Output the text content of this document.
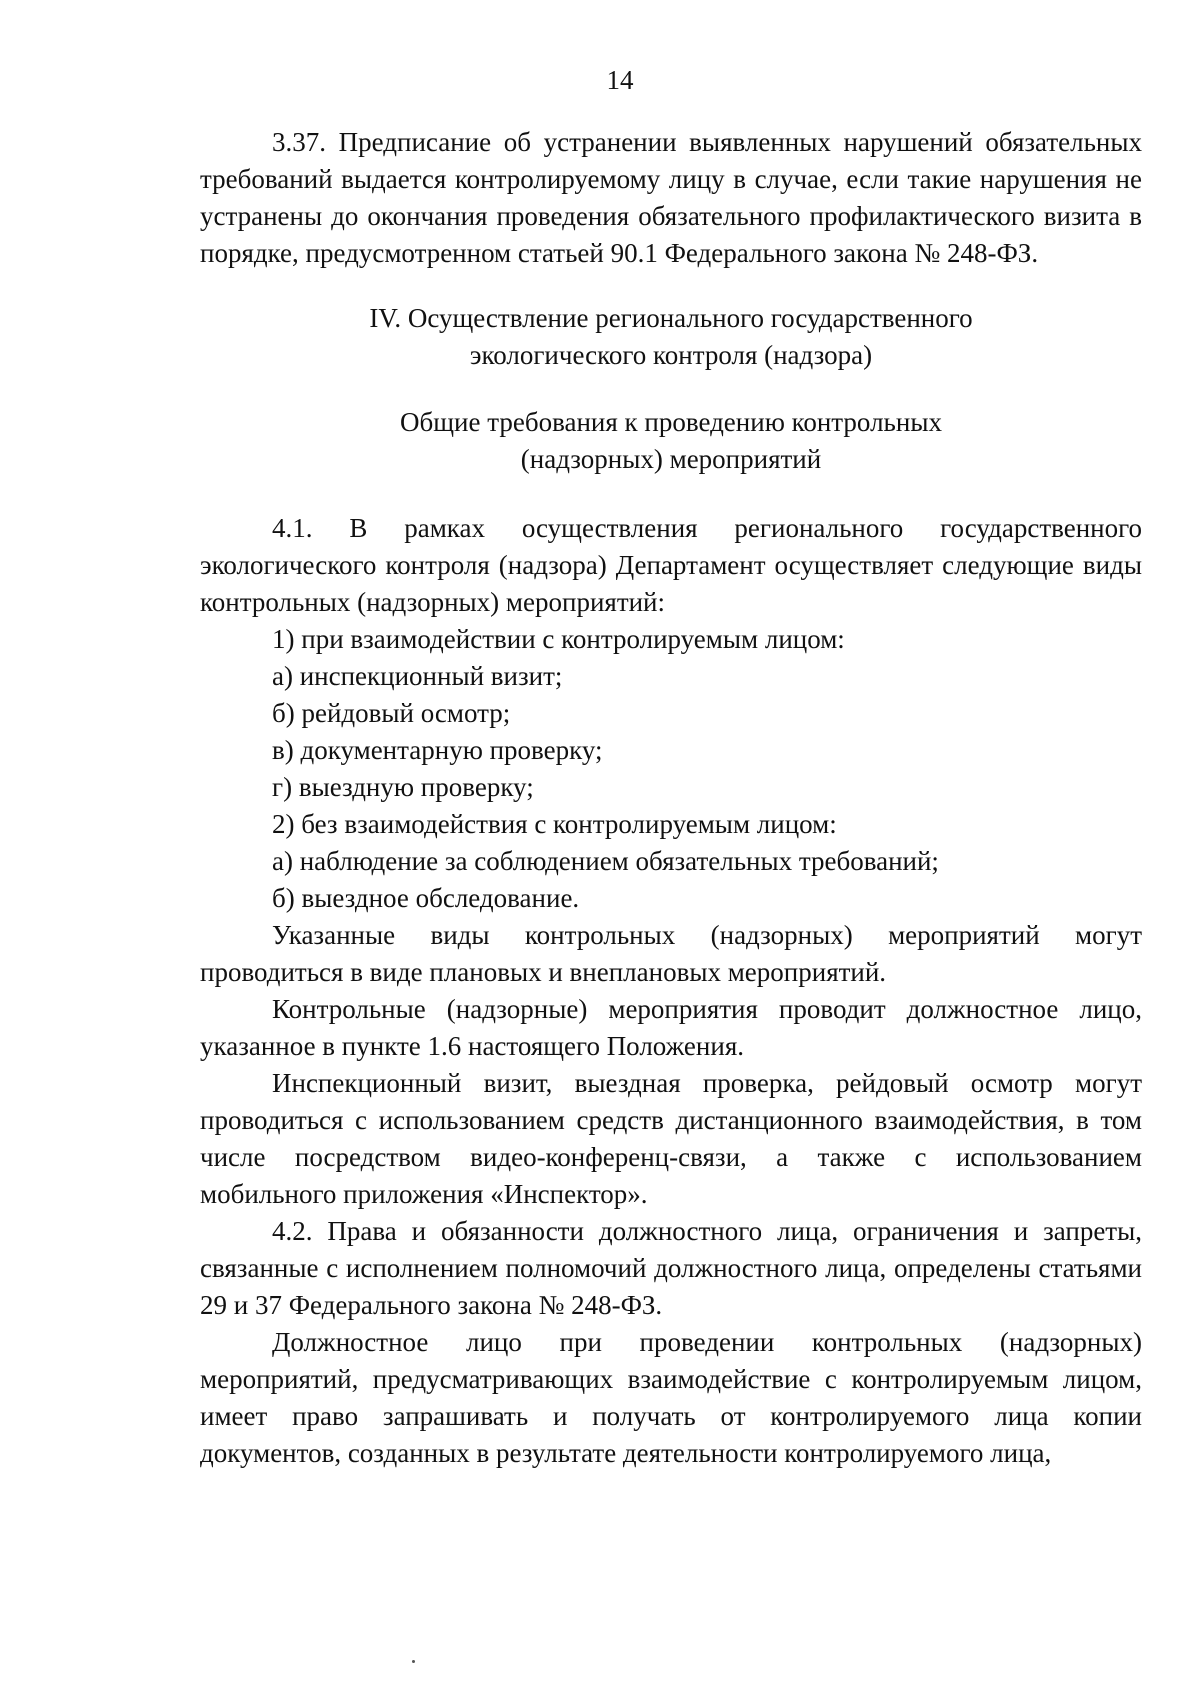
14

3.37. Предписание об устранении выявленных нарушений обязательных требований выдается контролируемому лицу в случае, если такие нарушения не устранены до окончания проведения обязательного профилактического визита в порядке, предусмотренном статьей 90.1 Федерального закона № 248-ФЗ.

IV. Осуществление регионального государственного
экологического контроля (надзора)
Общие требования к проведению контрольных
(надзорных) мероприятий

4.1. В рамках осуществления регионального государственного экологического контроля (надзора) Департамент осуществляет следующие виды контрольных (надзорных) мероприятий:

1) при взаимодействии с контролируемым лицом:

а) инспекционный визит;

б) рейдовый осмотр;

в) документарную проверку;

г) выездную проверку;

2) без взаимодействия с контролируемым лицом:

а) наблюдение за соблюдением обязательных требований;

б) выездное обследование.

Указанные виды контрольных (надзорных) мероприятий могут проводиться в виде плановых и внеплановых мероприятий.

Контрольные (надзорные) мероприятия проводит должностное лицо, указанное в пункте 1.6 настоящего Положения.

Инспекционный визит, выездная проверка, рейдовый осмотр могут проводиться с использованием средств дистанционного взаимодействия, в том числе посредством видео-конференц-связи, а также с использованием мобильного приложения «Инспектор».

4.2. Права и обязанности должностного лица, ограничения и запреты, связанные с исполнением полномочий должностного лица, определены статьями 29 и 37 Федерального закона № 248-ФЗ.

Должностное лицо при проведении контрольных (надзорных) мероприятий, предусматривающих взаимодействие с контролируемым лицом, имеет право запрашивать и получать от контролируемого лица копии документов, созданных в результате деятельности контролируемого лица,
